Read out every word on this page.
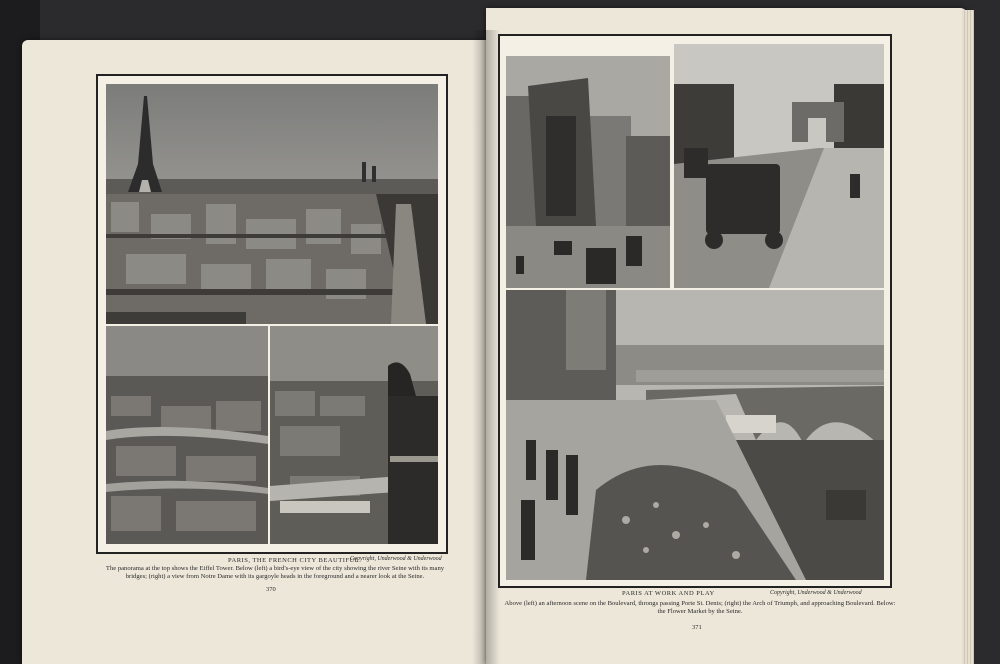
PARIS, THE FRENCH CITY BEAUTIFUL
Copyright, Underwood & Underwood
The panorama at the top shows the Eiffel Tower. Below (left) a bird's-eye view of the city showing the river Seine with its many bridges; (right) a view from Notre Dame with its gargoyle heads in the foreground and a nearer look at the Seine.
370
PARIS AT WORK AND PLAY	Copyright, Underwood & Underwood
Above (left) an afternoon scene on the Boulevard, throngs passing Porte St. Denis; (right) the Arch of Triumph, and approaching Boulevard. Below: the Flower Market by the Seine.
371
